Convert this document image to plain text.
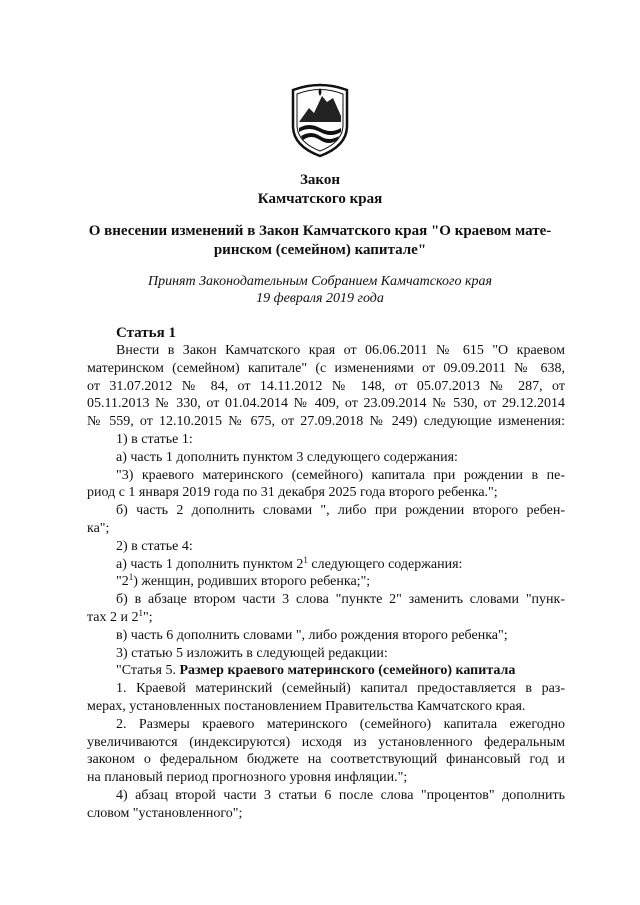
Закон
Камчатского края
О внесении изменений в Закон Камчатского края "О краевом мате-
ринском (семейном) капитале"
Принят Законодательным Собранием Камчатского края
19 февраля 2019 года

Статья 1

Внести в Закон Камчатского края от 06.06.2011 № 615 "О краевом

материнском (семейном) капитале" (с изменениями от 09.09.2011 № 638,

от 31.07.2012 № 84, от 14.11.2012 № 148, от 05.07.2013 № 287, от

05.11.2013 № 330, от 01.04.2014 № 409, от 23.09.2014 № 530, от 29.12.2014

№ 559, от 12.10.2015 № 675, от 27.09.2018 № 249) следующие изменения:

1) в статье 1:

а) часть 1 дополнить пунктом 3 следующего содержания:

"3) краевого материнского (семейного) капитала при рождении в пе-

риод с 1 января 2019 года по 31 декабря 2025 года второго ребенка.";

б) часть 2 дополнить словами ", либо при рождении второго ребен-

ка";

2) в статье 4:

а) часть 1 дополнить пунктом $2^1$ следующего содержания:

"$2^1$) женщин, родивших второго ребенка;";

б) в абзаце втором части 3 слова "пункте 2" заменить словами "пунк-

тах 2 и $2^1$";

в) часть 6 дополнить словами ", либо рождения второго ребенка";

3) статью 5 изложить в следующей редакции:

"Статья 5. Размер краевого материнского (семейного) капитала

1. Краевой материнский (семейный) капитал предоставляется в раз-

мерах, установленных постановлением Правительства Камчатского края.

2. Размеры краевого материнского (семейного) капитала ежегодно

увеличиваются (индексируются) исходя из установленного федеральным

законом о федеральном бюджете на соответствующий финансовый год и

на плановый период прогнозного уровня инфляции.";

4) абзац второй части 3 статьи 6 после слова "процентов" дополнить

словом "установленного";
